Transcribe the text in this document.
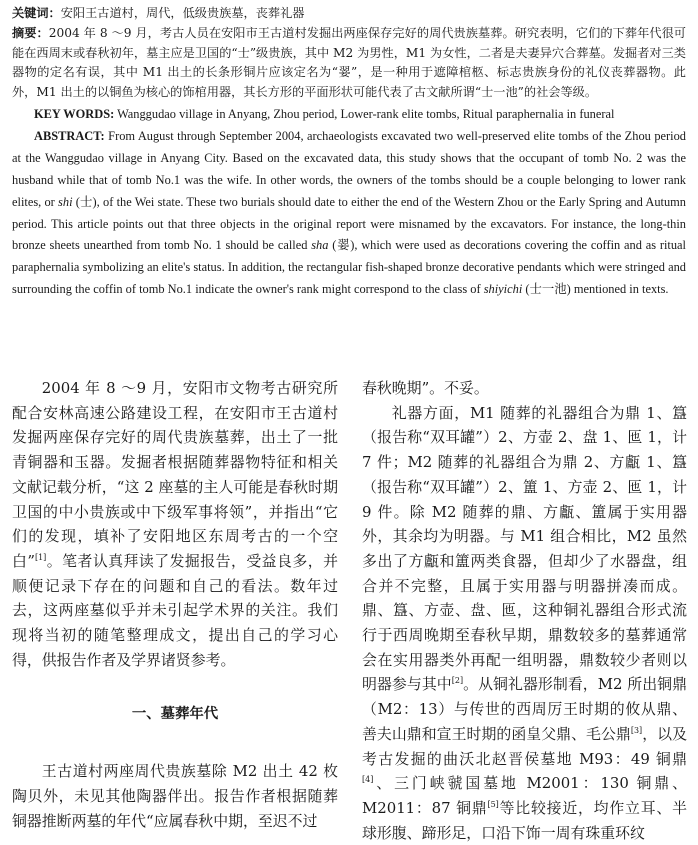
关键词：安阳王古道村，周代，低级贵族墓，丧葬礼器

摘要：2004 年 8 ～9 月，考古人员在安阳市王古道村发掘出两座保存完好的周代贵族墓葬。研究表明，它们的下葬年代很可能在西周末或春秋初年，墓主应是卫国的“士”级贵族，其中 M2 为男性，M1 为女性，二者是夫妻异穴合葬墓。发掘者对三类器物的定名有误，其中 M1 出土的长条形铜片应该定名为“翣”，是一种用于遮障棺柩、标志贵族身份的礼仪丧葬器物。此外，M1 出土的以铜鱼为核心的饰棺用器，其长方形的平面形状可能代表了古文献所谓“士一池”的社会等级。

KEY WORDS: Wanggudao village in Anyang, Zhou period, Lower-rank elite tombs, Ritual paraphernalia in funeral

ABSTRACT: From August through September 2004, archaeologists excavated two well-preserved elite tombs of the Zhou period at the Wanggudao village in Anyang City. Based on the excavated data, this study shows that the occupant of tomb No. 2 was the husband while that of tomb No.1 was the wife. In other words, the owners of the tombs should be a couple belonging to lower rank elites, or shi (士), of the Wei state. These two burials should date to either the end of the Western Zhou or the Early Spring and Autumn period. This article points out that three objects in the original report were misnamed by the excavators. For instance, the long-thin bronze sheets unearthed from tomb No. 1 should be called sha (翣), which were used as decorations covering the coffin and as ritual paraphernalia symbolizing an elite's status. In addition, the rectangular fish-shaped bronze decorative pendants which were stringed and surrounding the coffin of tomb No.1 indicate the owner's rank might correspond to the class of shiyichi (士一池) mentioned in texts.

2004 年 8 ～9 月，安阳市文物考古研究所配合安林高速公路建设工程，在安阳市王古道村发掘两座保存完好的周代贵族墓葬，出土了一批青铜器和玉器。发掘者根据随葬器物特征和相关文献记载分析，“这 2 座墓的主人可能是春秋时期卫国的中小贵族或中下级军事将领”，并指出“它们的发现，填补了安阳地区东周考古的一个空白”[1]。笔者认真拜读了发掘报告，受益良多，并顺便记录下存在的问题和自己的看法。数年过去，这两座墓似乎并未引起学术界的关注。我们现将当初的随笔整理成文，提出自己的学习心得，供报告作者及学界诸贤参考。

一、墓葬年代

王古道村两座周代贵族墓除 M2 出土 42 枚陶贝外，未见其他陶器伴出。报告作者根据随葬铜器推断两墓的年代“应属春秋中期，至迟不过

春秋晚期”。不妥。

礼器方面，M1 随葬的礼器组合为鼎 1、簋（报告称“双耳罐”）2、方壶 2、盘 1、匜 1，计 7 件；M2 随葬的礼器组合为鼎 2、方甗 1、簋（报告称“双耳罐”）2、簠 1、方壶 2、匜 1，计 9 件。除 M2 随葬的鼎、方甗、簠属于实用器外，其余均为明器。与 M1 组合相比，M2 虽然多出了方甗和簠两类食器，但却少了水器盘，组合并不完整，且属于实用器与明器拼凑而成。鼎、簋、方壶、盘、匜，这种铜礼器组合形式流行于西周晚期至春秋早期，鼎数较多的墓葬通常会在实用器类外再配一组明器，鼎数较少者则以明器参与其中[2]。从铜礼器形制看，M2 所出铜鼎（M2：13）与传世的西周厉王时期的攸从鼎、善夫山鼎和宣王时期的函皇父鼎、毛公鼎[3]，以及考古发掘的曲沃北赵晋侯墓地 M93：49 铜鼎[4]、三门峡虢国墓地 M2001：130 铜鼎、M2011：87 铜鼎[5]等比较接近，均作立耳、半球形腹、蹄形足，口沿下饰一周有珠重环纹
